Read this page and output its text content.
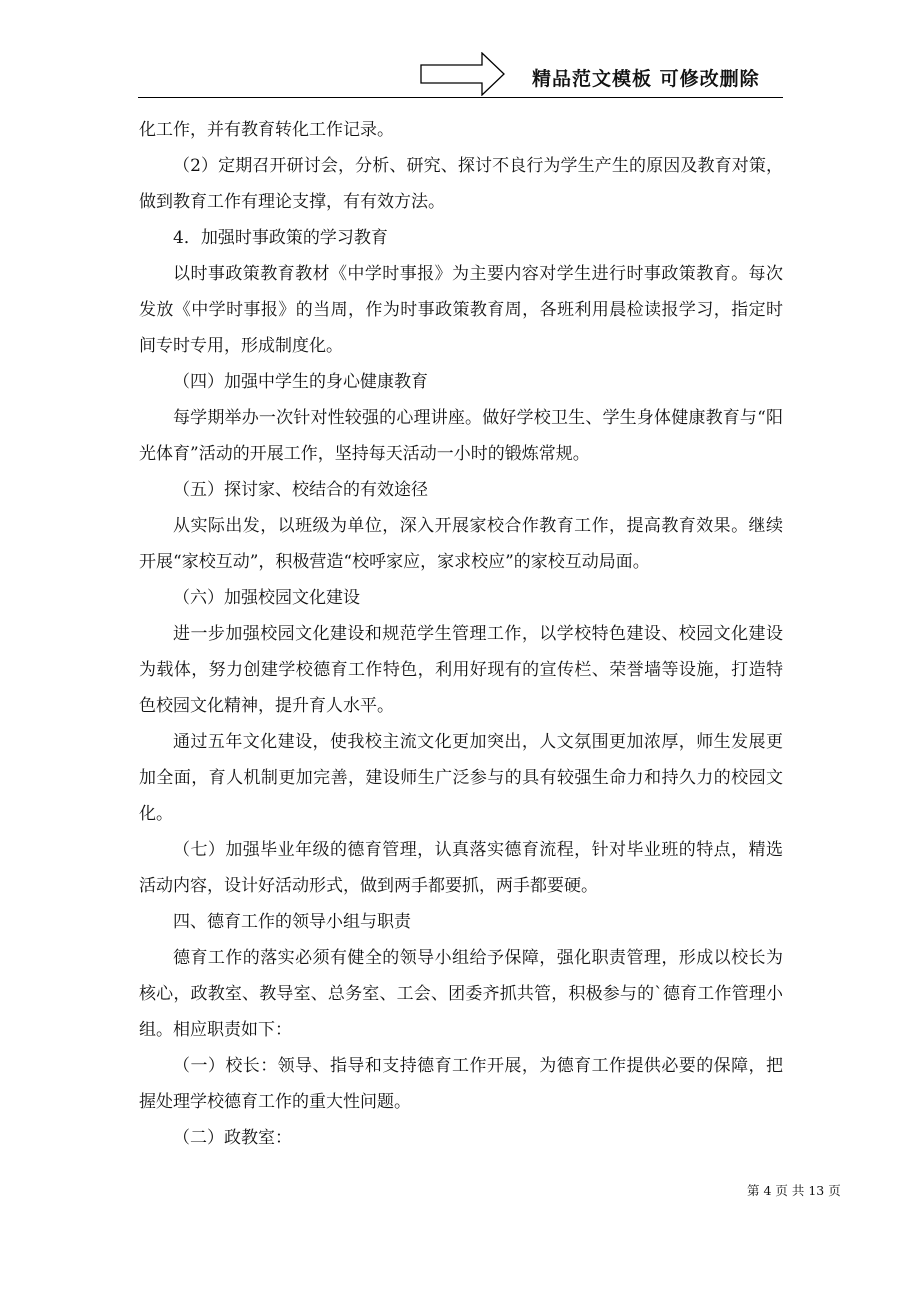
精品范文模板 可修改删除

化工作，并有教育转化工作记录。

（2）定期召开研讨会，分析、研究、探讨不良行为学生产生的原因及教育对策，做到教育工作有理论支撑，有有效方法。

4．加强时事政策的学习教育

以时事政策教育教材《中学时事报》为主要内容对学生进行时事政策教育。每次发放《中学时事报》的当周，作为时事政策教育周，各班利用晨检读报学习，指定时间专时专用，形成制度化。

（四）加强中学生的身心健康教育

每学期举办一次针对性较强的心理讲座。做好学校卫生、学生身体健康教育与“阳光体育”活动的开展工作，坚持每天活动一小时的锻炼常规。

（五）探讨家、校结合的有效途径

从实际出发，以班级为单位，深入开展家校合作教育工作，提高教育效果。继续开展“家校互动”，积极营造“校呼家应，家求校应”的家校互动局面。

（六）加强校园文化建设

进一步加强校园文化建设和规范学生管理工作，以学校特色建设、校园文化建设为载体，努力创建学校德育工作特色，利用好现有的宣传栏、荣誉墙等设施，打造特色校园文化精神，提升育人水平。

通过五年文化建设，使我校主流文化更加突出，人文氛围更加浓厚，师生发展更加全面，育人机制更加完善，建设师生广泛参与的具有较强生命力和持久力的校园文化。

（七）加强毕业年级的德育管理，认真落实德育流程，针对毕业班的特点，精选活动内容，设计好活动形式，做到两手都要抓，两手都要硬。

四、德育工作的领导小组与职责

德育工作的落实必须有健全的领导小组给予保障，强化职责管理，形成以校长为核心，政教室、教导室、总务室、工会、团委齐抓共管，积极参与的`德育工作管理小组。相应职责如下：

（一）校长：领导、指导和支持德育工作开展，为德育工作提供必要的保障，把握处理学校德育工作的重大性问题。

（二）政教室：

第 4 页 共 13 页
